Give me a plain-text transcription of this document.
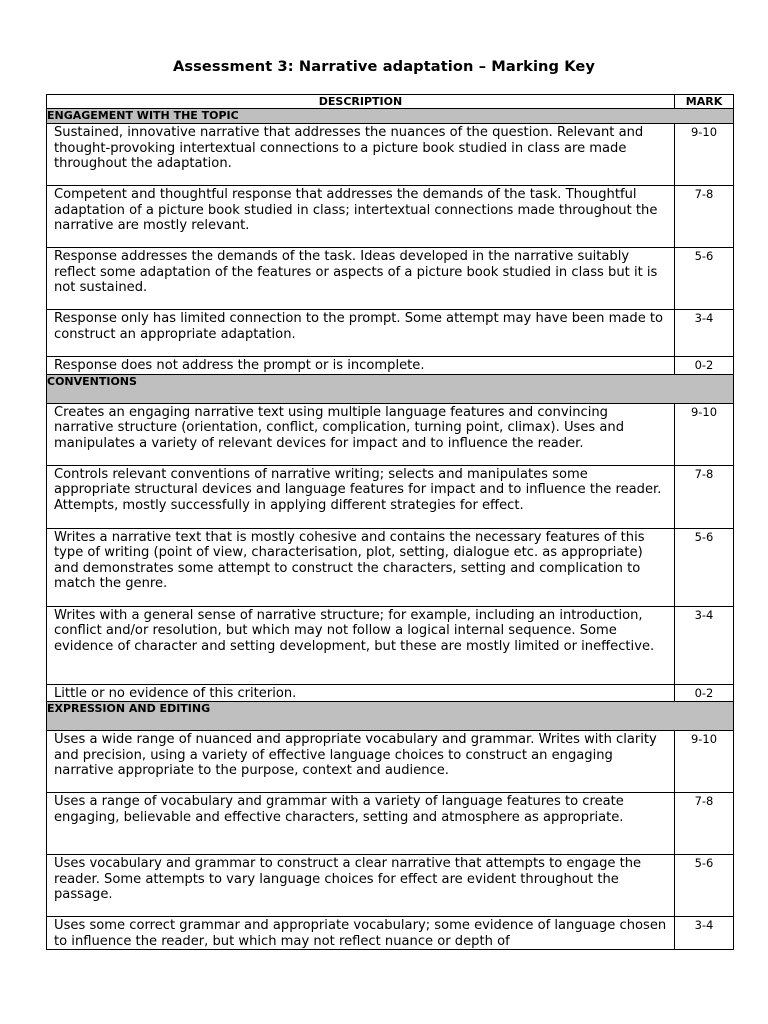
Assessment 3: Narrative adaptation – Marking Key
DESCRIPTION	MARK
ENGAGEMENT WITH THE TOPIC	
Sustained, innovative narrative that addresses the nuances of the question. Relevant and thought-provoking intertextual connections to a picture book studied in class are made throughout the adaptation.	9-10
Competent and thoughtful response that addresses the demands of the task. Thoughtful adaptation of a picture book studied in class; intertextual connections made throughout the narrative are mostly relevant.	7-8
Response addresses the demands of the task. Ideas developed in the narrative suitably reflect some adaptation of the features or aspects of a picture book studied in class but it is not sustained.	5-6
Response only has limited connection to the prompt. Some attempt may have been made to construct an appropriate adaptation.	3-4
Response does not address the prompt or is incomplete.	0-2
CONVENTIONS	
Creates an engaging narrative text using multiple language features and convincing narrative structure (orientation, conflict, complication, turning point, climax). Uses and manipulates a variety of relevant devices for impact and to influence the reader.	9-10
Controls relevant conventions of narrative writing; selects and manipulates some appropriate structural devices and language features for impact and to influence the reader. Attempts, mostly successfully in applying different strategies for effect.	7-8
Writes a narrative text that is mostly cohesive and contains the necessary features of this type of writing (point of view, characterisation, plot, setting, dialogue etc. as appropriate) and demonstrates some attempt to construct the characters, setting and complication to match the genre.	5-6
Writes with a general sense of narrative structure; for example, including an introduction, conflict and/or resolution, but which may not follow a logical internal sequence. Some evidence of character and setting development, but these are mostly limited or ineffective.	3-4
Little or no evidence of this criterion.	0-2
EXPRESSION AND EDITING	
Uses a wide range of nuanced and appropriate vocabulary and grammar. Writes with clarity and precision, using a variety of effective language choices to construct an engaging narrative appropriate to the purpose, context and audience.	9-10
Uses a range of vocabulary and grammar with a variety of language features to create engaging, believable and effective characters, setting and atmosphere as appropriate.	7-8
Uses vocabulary and grammar to construct a clear narrative that attempts to engage the reader. Some attempts to vary language choices for effect are evident throughout the passage.	5-6
Uses some correct grammar and appropriate vocabulary; some evidence of language chosen to influence the reader, but which may not reflect nuance or depth of	3-4
